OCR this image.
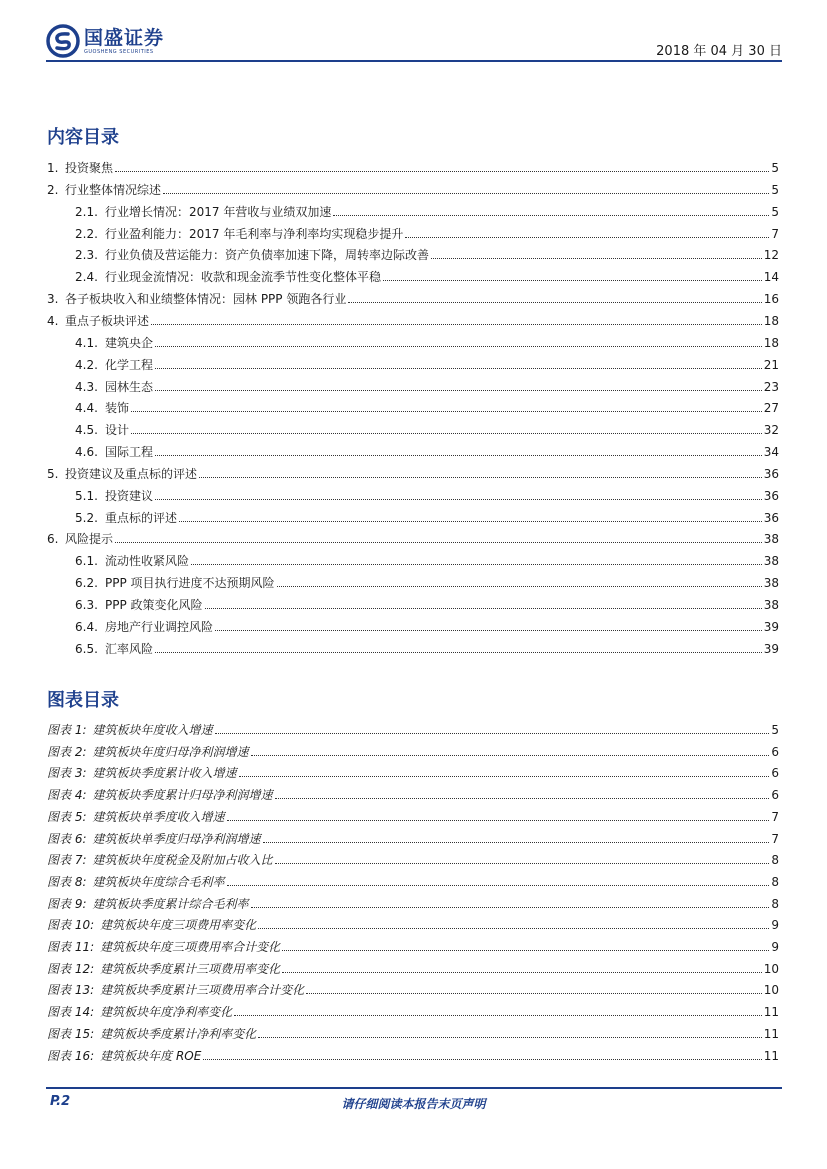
国盛证券
GUOSHENG SECURITIES	2018 年 04 月 30 日
内容目录
1. 投资聚焦	5
2. 行业整体情况综述	5
2.1. 行业增长情况：2017 年营收与业绩双加速	5
2.2. 行业盈利能力：2017 年毛利率与净利率均实现稳步提升	7
2.3. 行业负债及营运能力：资产负债率加速下降，周转率边际改善	12
2.4. 行业现金流情况：收款和现金流季节性变化整体平稳	14
3. 各子板块收入和业绩整体情况：园林 PPP 领跑各行业	16
4. 重点子板块评述	18
4.1. 建筑央企	18
4.2. 化学工程	21
4.3. 园林生态	23
4.4. 装饰	27
4.5. 设计	32
4.6. 国际工程	34
5. 投资建议及重点标的评述	36
5.1. 投资建议	36
5.2. 重点标的评述	36
6. 风险提示	38
6.1. 流动性收紧风险	38
6.2. PPP 项目执行进度不达预期风险	38
6.3. PPP 政策变化风险	38
6.4. 房地产行业调控风险	39
6.5. 汇率风险	39
图表目录
图表 1: 建筑板块年度收入增速	5
图表 2: 建筑板块年度归母净利润增速	6
图表 3: 建筑板块季度累计收入增速	6
图表 4: 建筑板块季度累计归母净利润增速	6
图表 5: 建筑板块单季度收入增速	7
图表 6: 建筑板块单季度归母净利润增速	7
图表 7: 建筑板块年度税金及附加占收入比	8
图表 8: 建筑板块年度综合毛利率	8
图表 9: 建筑板块季度累计综合毛利率	8
图表 10: 建筑板块年度三项费用率变化	9
图表 11: 建筑板块年度三项费用率合计变化	9
图表 12: 建筑板块季度累计三项费用率变化	10
图表 13: 建筑板块季度累计三项费用率合计变化	10
图表 14: 建筑板块年度净利率变化	11
图表 15: 建筑板块季度累计净利率变化	11
图表 16: 建筑板块年度 ROE	11
P.2	请仔细阅读本报告末页声明
